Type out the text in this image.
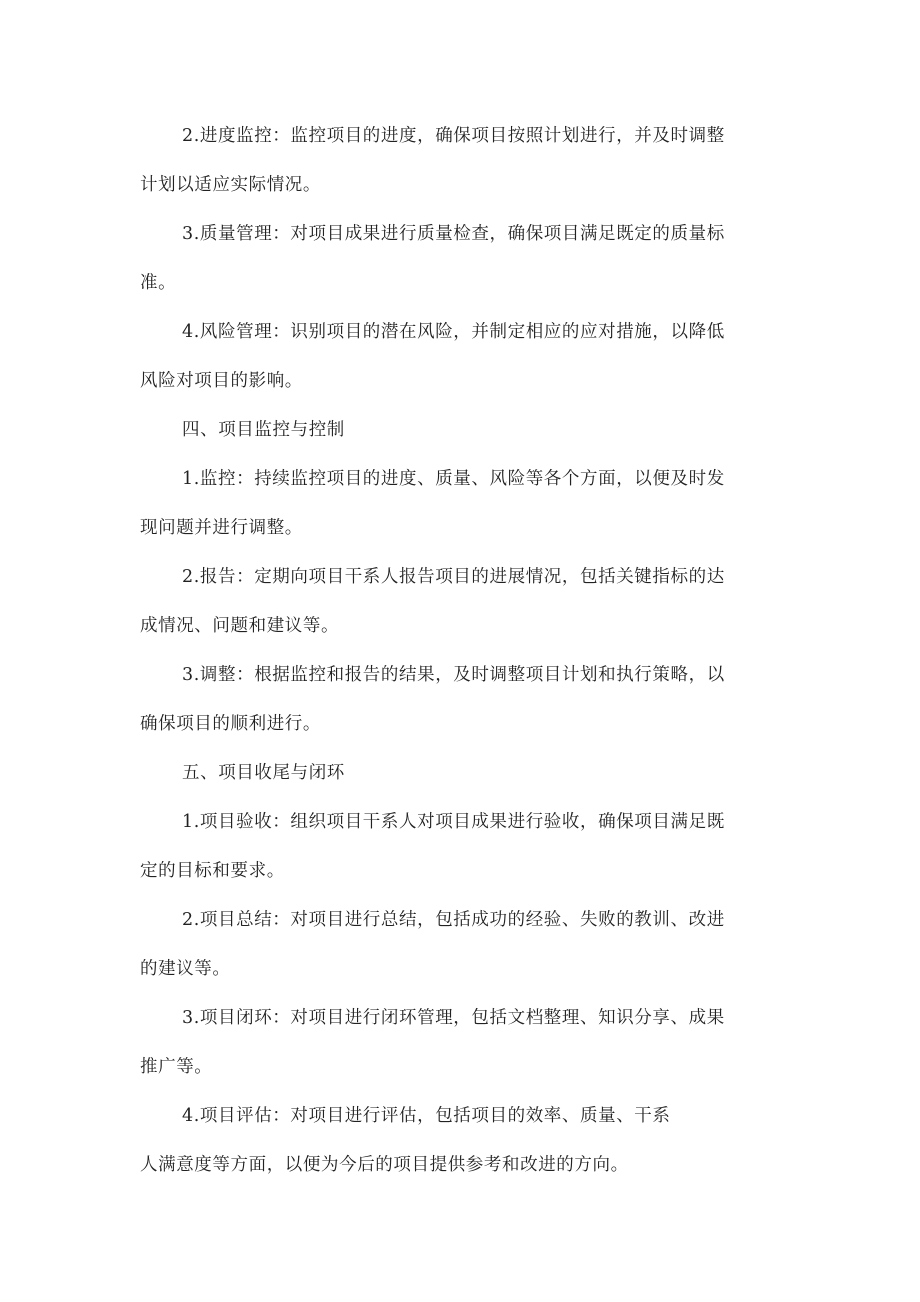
2.进度监控：监控项目的进度，确保项目按照计划进行，并及时调整
计划以适应实际情况。

3.质量管理：对项目成果进行质量检查，确保项目满足既定的质量标
准。

4.风险管理：识别项目的潜在风险，并制定相应的应对措施，以降低
风险对项目的影响。

四、项目监控与控制

1.监控：持续监控项目的进度、质量、风险等各个方面，以便及时发
现问题并进行调整。

2.报告：定期向项目干系人报告项目的进展情况，包括关键指标的达
成情况、问题和建议等。

3.调整：根据监控和报告的结果，及时调整项目计划和执行策略，以
确保项目的顺利进行。

五、项目收尾与闭环

1.项目验收：组织项目干系人对项目成果进行验收，确保项目满足既
定的目标和要求。

2.项目总结：对项目进行总结，包括成功的经验、失败的教训、改进
的建议等。

3.项目闭环：对项目进行闭环管理，包括文档整理、知识分享、成果
推广等。

4.项目评估：对项目进行评估，包括项目的效率、质量、干系
人满意度等方面，以便为今后的项目提供参考和改进的方向。
